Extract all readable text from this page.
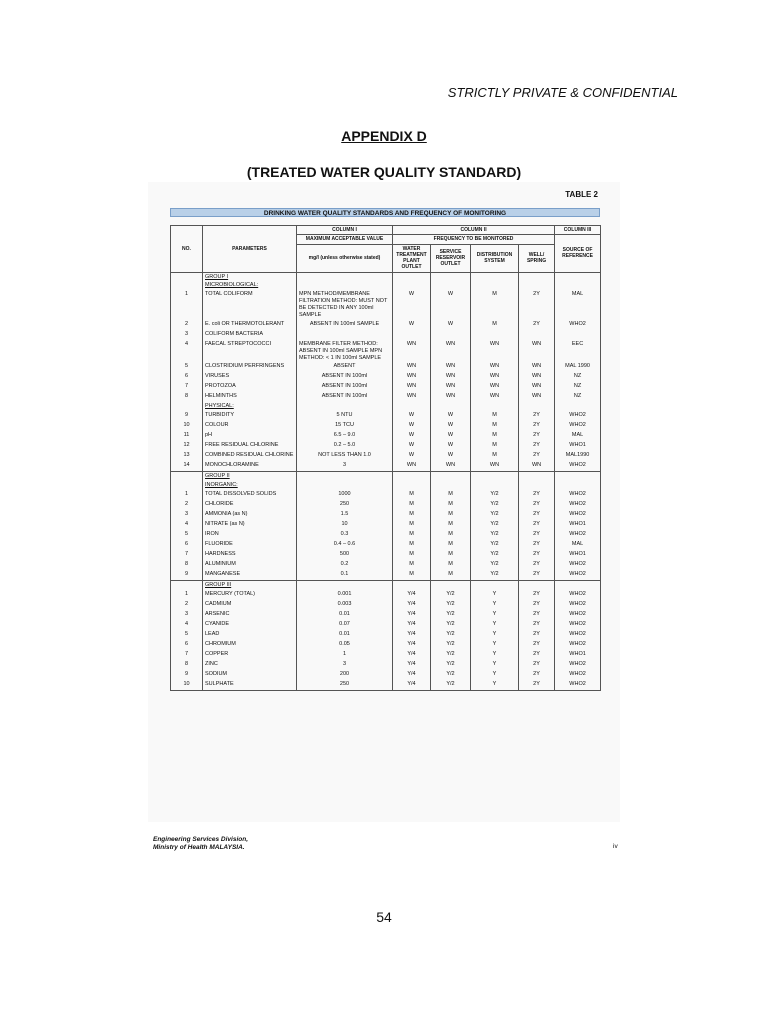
STRICTLY PRIVATE & CONFIDENTIAL
APPENDIX D
(TREATED WATER QUALITY STANDARD)
TABLE 2
DRINKING WATER QUALITY STANDARDS AND FREQUENCY OF MONITORING
NO.	PARAMETERS	COLUMN I	COLUMN II				COLUMN III
		MAXIMUM ACCEPTABLE VALUE	FREQUENCY TO BE MONITORED				SOURCE OF REFERENCE
		mg/l (unless otherwise stated)	WATER TREATMENT PLANT OUTLET	SERVICE RESERVOIR OUTLET	DISTRIBUTION SYSTEM	WELL/ SPRING	
	GROUP I						
	MICROBIOLOGICAL:						
1	TOTAL COLIFORM	MPN METHOD/MEMBRANE FILTRATION METHOD: MUST NOT BE DETECTED IN ANY 100ml SAMPLE	W	W	M	2Y	MAL
2	E. coli OR THERMOTOLERANT	ABSENT IN 100ml SAMPLE	W	W	M	2Y	WHO2
3	COLIFORM BACTERIA						
4	FAECAL STREPTOCOCCI	MEMBRANE FILTER METHOD: ABSENT IN 100ml SAMPLE MPN METHOD: < 1 IN 100ml SAMPLE	WN	WN	WN	WN	EEC
5	CLOSTRIDIUM PERFRINGENS	ABSENT	WN	WN	WN	WN	MAL 1990
6	VIRUSES	ABSENT IN 100ml	WN	WN	WN	WN	NZ
7	PROTOZOA	ABSENT IN 100ml	WN	WN	WN	WN	NZ
8	HELMINTHS	ABSENT IN 100ml	WN	WN	WN	WN	NZ
	PHYSICAL:						
9	TURBIDITY	5 NTU	W	W	M	2Y	WHO2
10	COLOUR	15 TCU	W	W	M	2Y	WHO2
11	pH	6.5 – 9.0	W	W	M	2Y	MAL
12	FREE RESIDUAL CHLORINE	0.2 – 5.0	W	W	M	2Y	WHO1
13	COMBINED RESIDUAL CHLORINE	NOT LESS THAN 1.0	W	W	M	2Y	MAL1990
14	MONOCHLORAMINE	3	WN	WN	WN	WN	WHO2
	GROUP II						
	INORGANIC:						
1	TOTAL DISSOLVED SOLIDS	1000	M	M	Y/2	2Y	WHO2
2	CHLORIDE	250	M	M	Y/2	2Y	WHO2
3	AMMONIA (as N)	1.5	M	M	Y/2	2Y	WHO2
4	NITRATE (as N)	10	M	M	Y/2	2Y	WHO1
5	IRON	0.3	M	M	Y/2	2Y	WHO2
6	FLUORIDE	0.4 – 0.6	M	M	Y/2	2Y	MAL
7	HARDNESS	500	M	M	Y/2	2Y	WHO1
8	ALUMINIUM	0.2	M	M	Y/2	2Y	WHO2
9	MANGANESE	0.1	M	M	Y/2	2Y	WHO2
	GROUP III						
1	MERCURY (TOTAL)	0.001	Y/4	Y/2	Y	2Y	WHO2
2	CADMIUM	0.003	Y/4	Y/2	Y	2Y	WHO2
3	ARSENIC	0.01	Y/4	Y/2	Y	2Y	WHO2
4	CYANIDE	0.07	Y/4	Y/2	Y	2Y	WHO2
5	LEAD	0.01	Y/4	Y/2	Y	2Y	WHO2
6	CHROMIUM	0.05	Y/4	Y/2	Y	2Y	WHO2
7	COPPER	1	Y/4	Y/2	Y	2Y	WHO1
8	ZINC	3	Y/4	Y/2	Y	2Y	WHO2
9	SODIUM	200	Y/4	Y/2	Y	2Y	WHO2
10	SULPHATE	250	Y/4	Y/2	Y	2Y	WHO2
Engineering Services Division,
Ministry of Health MALAYSIA.	iv
54
